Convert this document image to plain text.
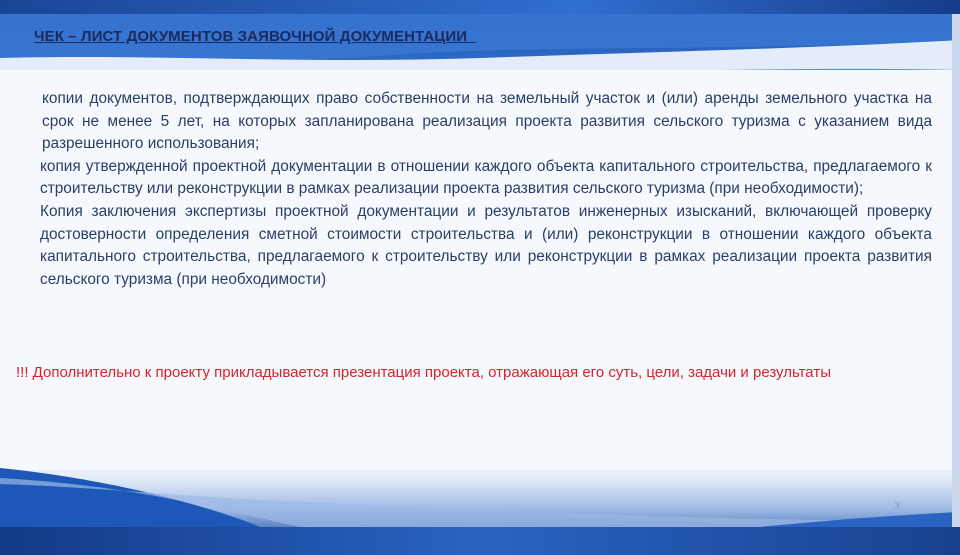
ЧЕК – ЛИСТ ДОКУМЕНТОВ ЗАЯВОЧНОЙ ДОКУМЕНТАЦИИ

копии документов, подтверждающих право собственности на земельный участок и (или) аренды земельного участка на срок не менее 5 лет, на которых запланирована реализация проекта развития сельского туризма с указанием вида разрешенного использования;

копия утвержденной проектной документации в отношении каждого объекта капитального строительства, предлагаемого к строительству или реконструкции в рамках реализации проекта развития сельского туризма (при необходимости);

Копия заключения экспертизы проектной документации и результатов инженерных изысканий, включающей проверку достоверности определения сметной стоимости строительства и (или) реконструкции в отношении каждого объекта капитального строительства, предлагаемого к строительству или реконструкции в рамках реализации проекта развития сельского туризма (при необходимости)

!!! Дополнительно к проекту прикладывается презентация проекта, отражающая его суть, цели, задачи и результаты
3
